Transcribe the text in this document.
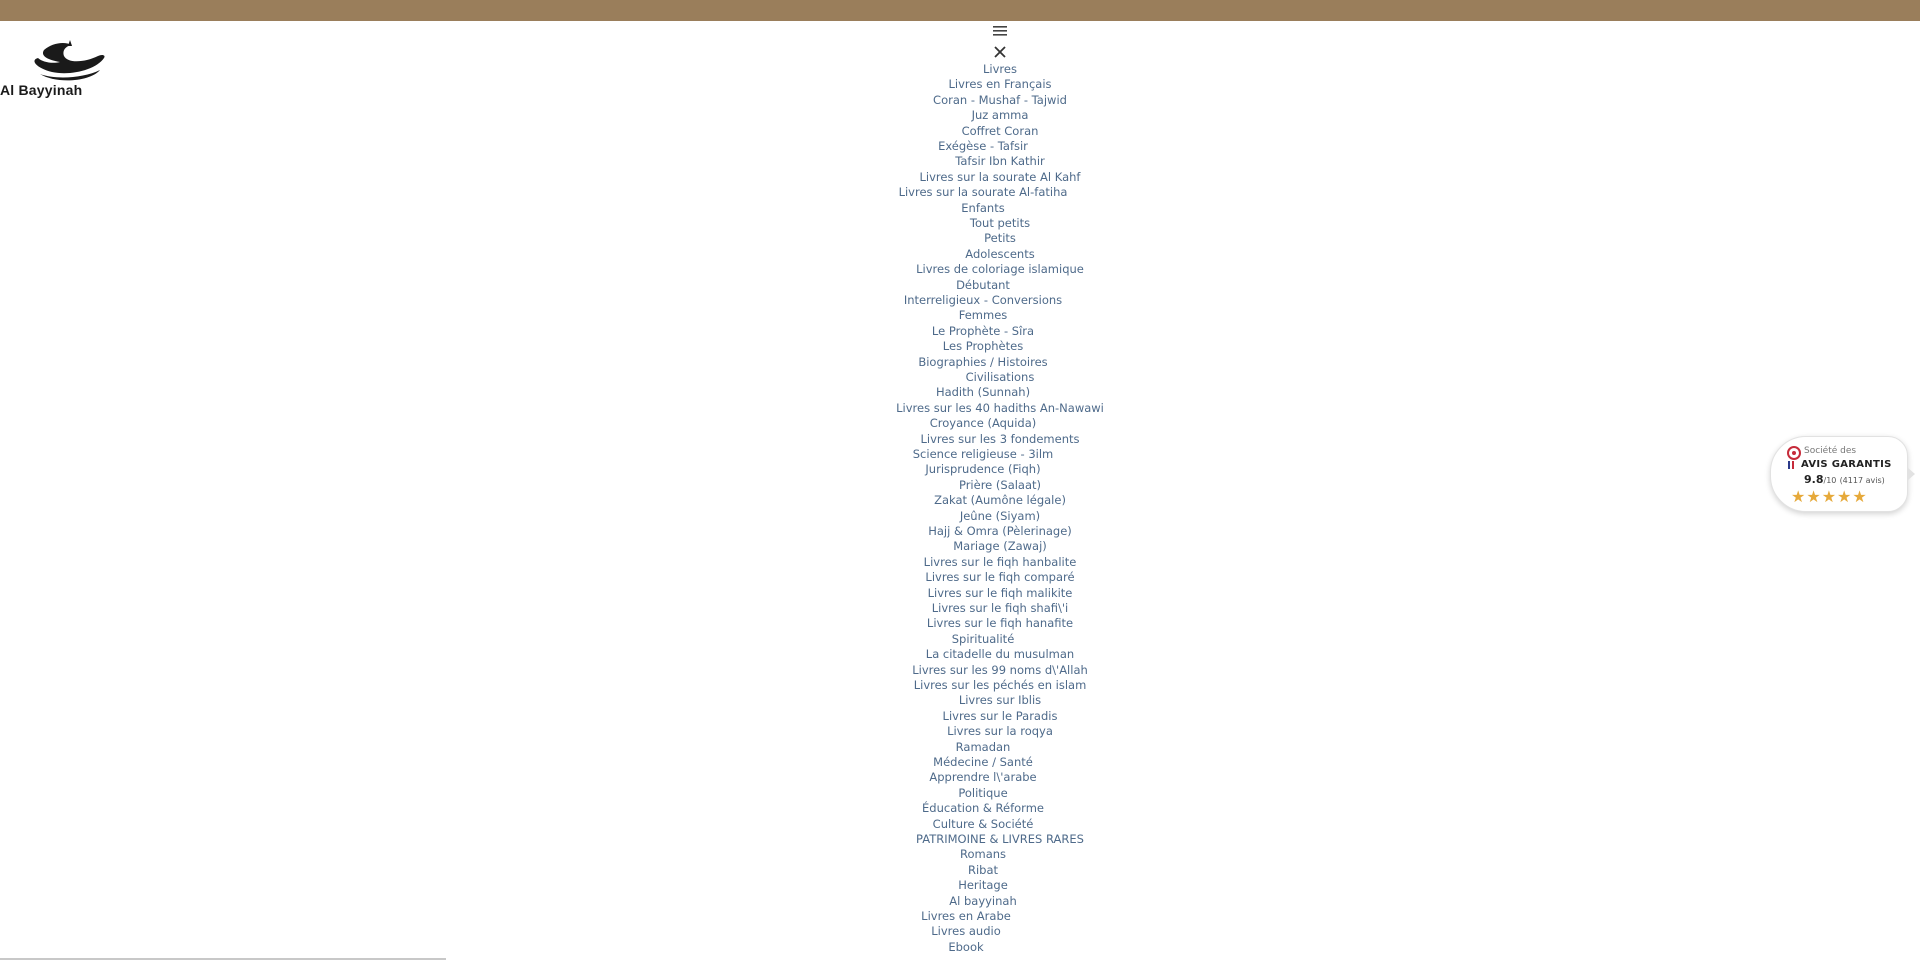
Al Bayyinah
Livres
Livres en Français
Coran - Mushaf - Tajwid
Juz amma
Coffret Coran
Exégèse - Tafsir
Tafsir Ibn Kathir
Livres sur la sourate Al Kahf
Livres sur la sourate Al-fatiha
Enfants
Tout petits
Petits
Adolescents
Livres de coloriage islamique
Débutant
Interreligieux - Conversions
Femmes
Le Prophète - Sîra
Les Prophètes
Biographies / Histoires
Civilisations
Hadith (Sunnah)
Livres sur les 40 hadiths An-Nawawi
Croyance (Aquida)
Livres sur les 3 fondements
Science religieuse - 3ilm
Jurisprudence (Fiqh)
Prière (Salaat)
Zakat (Aumône légale)
Jeûne (Siyam)
Hajj & Omra (Pèlerinage)
Mariage (Zawaj)
Livres sur le fiqh hanbalite
Livres sur le fiqh comparé
Livres sur le fiqh malikite
Livres sur le fiqh shafi\'i
Livres sur le fiqh hanafite
Spiritualité
La citadelle du musulman
Livres sur les 99 noms d\'Allah
Livres sur les péchés en islam
Livres sur Iblis
Livres sur le Paradis
Livres sur la roqya
Ramadan
Médecine / Santé
Apprendre l\'arabe
Politique
Éducation & Réforme
Culture & Société
PATRIMOINE & LIVRES RARES
Romans
Ribat
Heritage
Al bayyinah
Livres en Arabe
Livres audio
Ebook
Société des
AVIS GARANTIS
9.8/10 (4117 avis)
★★★★★
